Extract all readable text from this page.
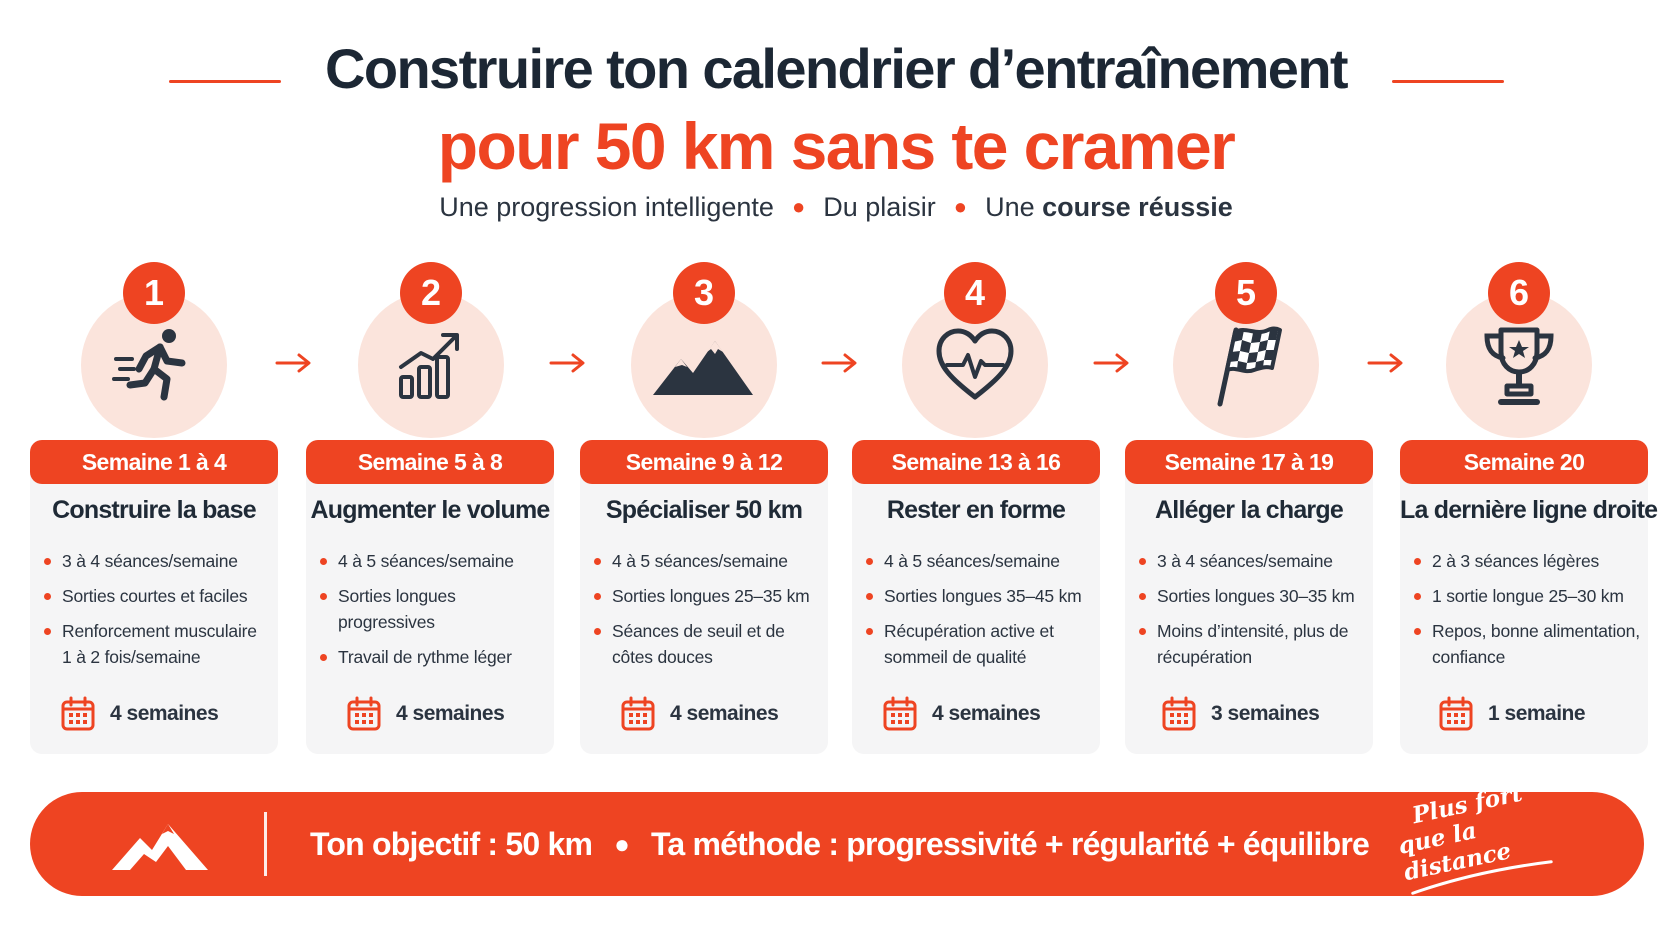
Construire ton calendrier d’entraînement
pour 50 km sans te cramer

Une progression intelligente ● Du plaisir ● Une course réussie

1
Semaine 1 à 4
Construire la base
3 à 4 séances/semaine
Sorties courtes et faciles
Renforcement musculaire 1 à 2 fois/semaine
4 semaines
2
Semaine 5 à 8
Augmenter le volume
4 à 5 séances/semaine
Sorties longues progressives
Travail de rythme léger
4 semaines
3
Semaine 9 à 12
Spécialiser 50 km
4 à 5 séances/semaine
Sorties longues 25–35 km
Séances de seuil et de côtes douces
4 semaines
4
Semaine 13 à 16
Rester en forme
4 à 5 séances/semaine
Sorties longues 35–45 km
Récupération active et sommeil de qualité
4 semaines
5
Semaine 17 à 19
Alléger la charge
3 à 4 séances/semaine
Sorties longues 30–35 km
Moins d’intensité, plus de récupération
3 semaines
6
Semaine 20
La dernière ligne droite
2 à 3 séances légères
1 sortie longue 25–30 km
Repos, bonne alimentation, confiance
1 semaine
Ton objectif : 50 km ● Ta méthode : progressivité + régularité + équilibre
Plus fort
que la distance
